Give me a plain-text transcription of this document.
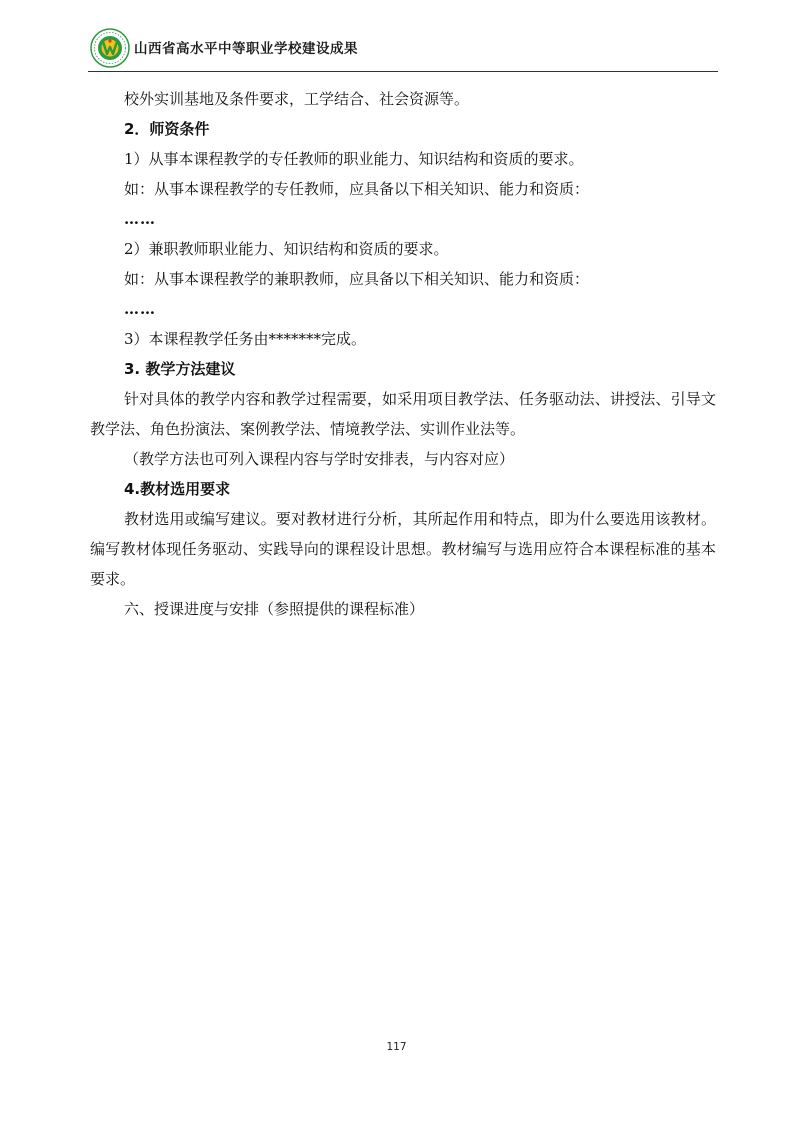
山西省高水平中等职业学校建设成果
校外实训基地及条件要求，工学结合、社会资源等。
2．师资条件
1）从事本课程教学的专任教师的职业能力、知识结构和资质的要求。
如：从事本课程教学的专任教师，应具备以下相关知识、能力和资质：
……
2）兼职教师职业能力、知识结构和资质的要求。
如：从事本课程教学的兼职教师，应具备以下相关知识、能力和资质：
……
3）本课程教学任务由*******完成。
3. 教学方法建议

针对具体的教学内容和教学过程需要，如采用项目教学法、任务驱动法、讲授法、引导文教学法、角色扮演法、案例教学法、情境教学法、实训作业法等。

（教学方法也可列入课程内容与学时安排表，与内容对应）
4.教材选用要求

教材选用或编写建议。要对教材进行分析，其所起作用和特点，即为什么要选用该教材。编写教材体现任务驱动、实践导向的课程设计思想。教材编写与选用应符合本课程标准的基本要求。

六、授课进度与安排（参照提供的课程标准）
117
